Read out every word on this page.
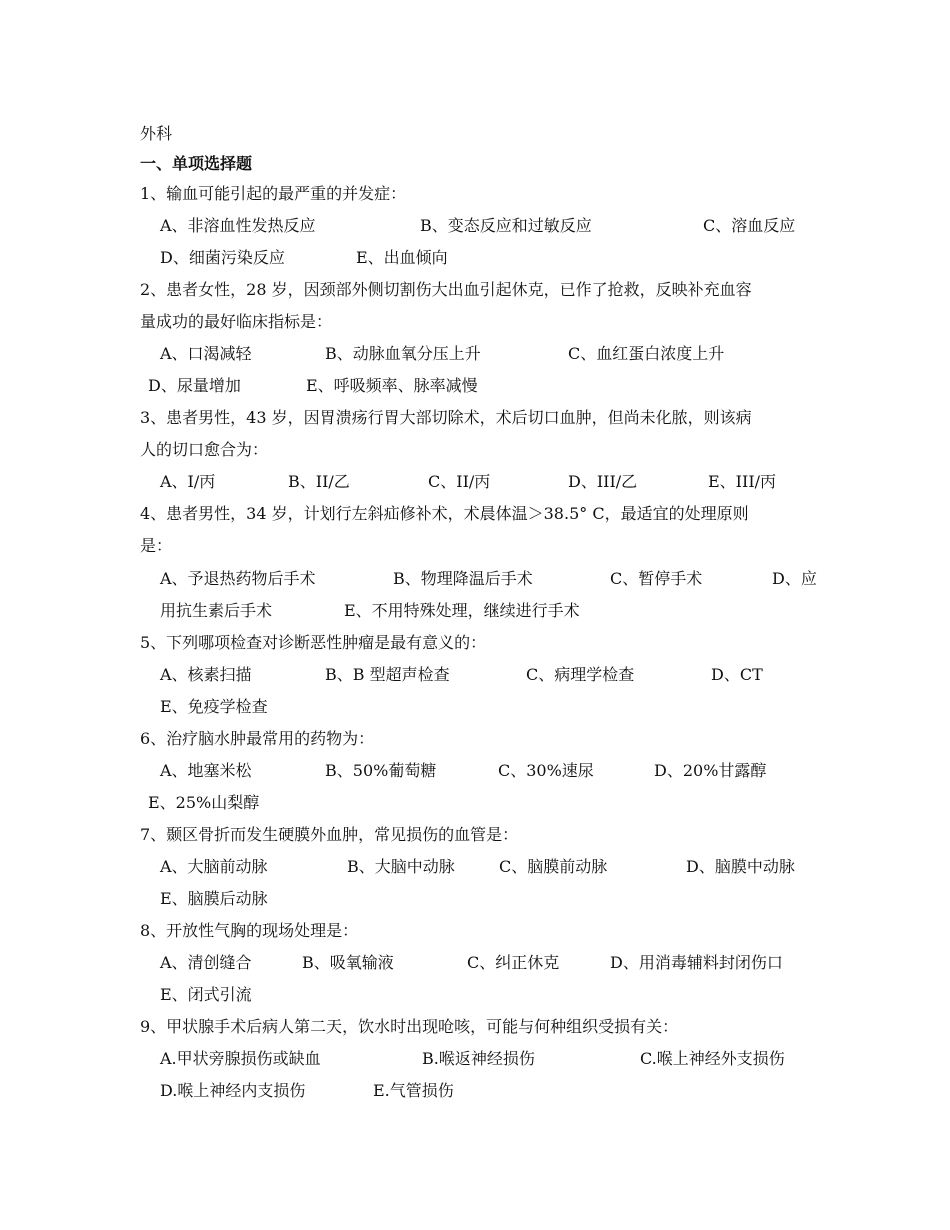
外科
一、单项选择题
1、输血可能引起的最严重的并发症：
A、非溶血性发热反应	B、变态反应和过敏反应	C、溶血反应
D、细菌污染反应	E、出血倾向
2、患者女性，28 岁，因颈部外侧切割伤大出血引起休克，已作了抢救，反映补充血容
量成功的最好临床指标是：
A、口渴减轻	B、动脉血氧分压上升	C、血红蛋白浓度上升
D、尿量增加	E、呼吸频率、脉率减慢
3、患者男性，43 岁，因胃溃疡行胃大部切除术，术后切口血肿，但尚未化脓，则该病
人的切口愈合为：
A、I/丙	B、II/乙	C、II/丙	D、III/乙	E、III/丙
4、患者男性，34 岁，计划行左斜疝修补术，术晨体温＞38.5° C，最适宜的处理原则
是：
A、予退热药物后手术	B、物理降温后手术	C、暂停手术	D、应
用抗生素后手术	E、不用特殊处理，继续进行手术
5、下列哪项检查对诊断恶性肿瘤是最有意义的：
A、核素扫描	B、B 型超声检查	C、病理学检查	D、CT
E、免疫学检查
6、治疗脑水肿最常用的药物为：
A、地塞米松	B、50%葡萄糖	C、30%速尿	D、20%甘露醇
E、25%山梨醇
7、颞区骨折而发生硬膜外血肿，常见损伤的血管是：
A、大脑前动脉	B、大脑中动脉	C、脑膜前动脉	D、脑膜中动脉
E、脑膜后动脉
8、开放性气胸的现场处理是：
A、清创缝合	B、吸氧输液	C、纠正休克	D、用消毒辅料封闭伤口
E、闭式引流
9、甲状腺手术后病人第二天，饮水时出现呛咳，可能与何种组织受损有关：
A.甲状旁腺损伤或缺血	B.喉返神经损伤	C.喉上神经外支损伤
D.喉上神经内支损伤	E.气管损伤
